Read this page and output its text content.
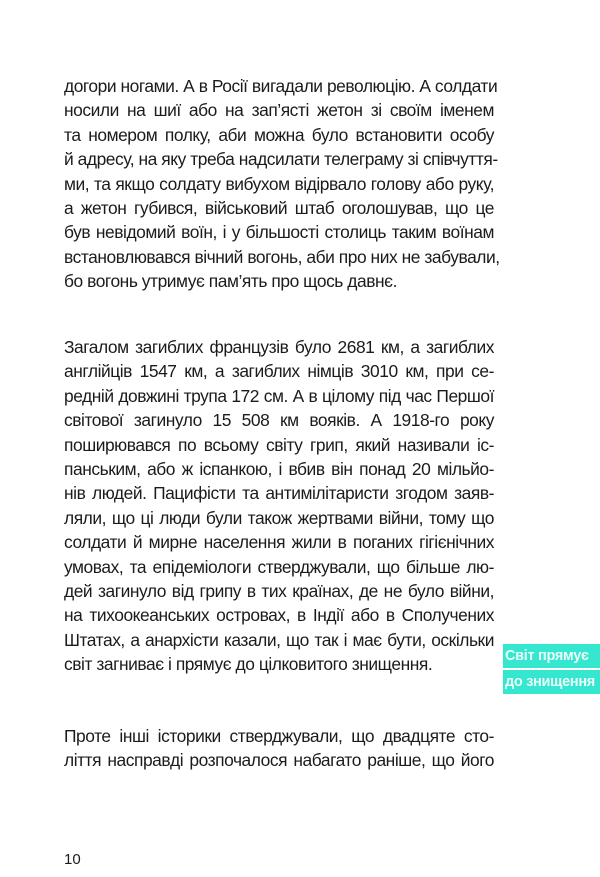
догори ногами. А в Росії вигадали революцію. А солдати
носили на шиї або на зап’ясті жетон зі своїм іменем
та номером полку, аби можна було встановити особу
й адресу, на яку треба надсилати телеграму зі співчуття-
ми, та якщо солдату вибухом відірвало голову або руку,
а жетон губився, військовий штаб оголошував, що це
був невідомий воїн, і у більшості столиць таким воїнам
встановлювався вічний вогонь, аби про них не забували,
бо вогонь утримує пам’ять про щось давнє.
Загалом загиблих французів було 2681 км, а загиблих
англійців 1547 км, а загиблих німців 3010 км, при се-
редній довжині трупа 172 см. А в цілому під час Першої
світової загинуло 15 508 км вояків. А 1918-го року
поширювався по всьому світу грип, який називали іс-
панським, або ж іспанкою, і вбив він понад 20 мільйо-
нів людей. Пацифісти та антимілітаристи згодом заяв-
ляли, що ці люди були також жертвами війни, тому що
солдати й мирне населення жили в поганих гігієнічних
умовах, та епідеміологи стверджували, що більше лю-
дей загинуло від грипу в тих країнах, де не було війни,
на тихоокеанських островах, в Індії або в Сполучених
Штатах, а анархісти казали, що так і має бути, оскільки
світ загниває і прямує до цілковитого знищення.
Проте інші історики стверджували, що двадцяте сто-
ліття насправді розпочалося набагато раніше, що його
Світ прямує
до знищення
10
